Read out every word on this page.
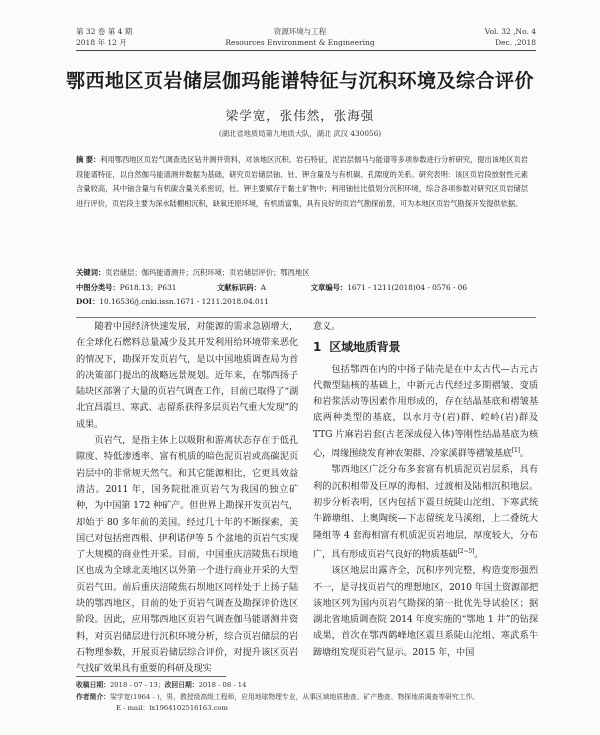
第 32 卷 第 4 期
2018 年 12 月
资源环境与工程
Resources Environment & Engineering
Vol. 32 ,No. 4
Dec. ,2018
鄂西地区页岩储层伽玛能谱特征与沉积环境及综合评价
梁学宽，张伟然，张海强
(湖北省地质局第九地质大队，湖北 武汉 430056)
摘 要：利用鄂西地区页岩气调查选区钻井测井资料，对该地区沉积、岩石特征，泥岩层伽马与能谱等多项参数进行分析研究，提出该地区页岩段能谱特征，以自然伽马能谱测井数据为基础，研究页岩储层铀、钍、钾含量及与有机碳、孔隙度的关系。研究表明：该区页岩段放射性元素含量较高，其中铀含量与有机碳含量关系密切，钍、钾主要赋存于黏土矿物中；利用铀钍比值划分沉积环境，综合各项参数对研究区页岩储层进行评价，页岩段主要为深水陆棚相沉积，缺氧还原环境，有机质富集，具有良好的页岩气勘探前景，可为本地区页岩气勘探开发提供依据。
关键词：页岩储层；伽玛能谱测井；沉积环境；页岩储层评价；鄂西地区
中图分类号：P618.13；P631	文献标识码：A	文章编号：1671 - 1211(2018)04 - 0576 - 06
DOI：10.16536/j.cnki.issn.1671 - 1211.2018.04.011

随着中国经济快速发展，对能源的需求急剧增大，在全球化石燃料总量减少及其开发利用给环境带来恶化的情况下，勘探开发页岩气，是以中国地质调查局为首的决策部门提出的战略远景规划。近年来，在鄂西扬子陆块区部署了大量的页岩气调查工作，目前已取得了“湖北宜昌震旦、寒武、志留系获得多层页岩气重大发现”的成果。

页岩气，是指主体上以吸附和游离状态存在于低孔隙度、特低渗透率、富有机质的暗色泥页岩或高碳泥页岩层中的非常规天然气。和其它能源相比，它更具效益清洁。2011 年，国务院批准页岩气为我国的独立矿种，为中国第 172 种矿产。但世界上勘探开发页岩气，却始于 80 多年前的美国。经过几十年的不断探索，美国已对包括密西根、伊利诺伊等 5 个盆地的页岩气实现了大规模的商业性开采。目前，中国重庆涪陵焦石坝地区也成为全球北美地区以外第一个进行商业开采的大型页岩气田。前后重庆涪陵焦石坝地区同样处于上扬子陆块的鄂西地区，目前的处于页岩气调查及勘探评价选区阶段。因此，应用鄂西地区页岩气调查伽马能谱测井资料，对页岩储层进行沉积环境分析，综合页岩储层的岩石物理参数，开展页岩储层综合评价，对提升该区页岩气找矿效果具有重要的科研及现实

意义。

1 区域地质背景

包括鄂西在内的中扬子陆壳是在中太古代—古元古代微型陆核的基础上，中新元古代经过多期褶皱、变质和岩浆活动等因素作用形成的，存在结晶基底和褶皱基底两种类型的基底，以水月寺(岩)群、崆岭(岩)群及 TTG 片麻岩岩套(古老深成侵入体)等刚性结晶基底为核心，周缘围绕发育神农架群、冷家溪群等褶皱基底[1]。

鄂西地区广泛分布多套富有机质泥页岩层系，具有利的沉积相带及巨厚的海相、过渡相及陆相沉积地层。初步分析表明，区内包括下震旦统陡山沱组、下寒武统牛蹄塘组、上奥陶统—下志留统龙马溪组，上二叠统大隆组等 4 套海相富有机质泥页岩地层，厚度较大，分布广，具有形成页岩气良好的物质基础[2~5]。

该区地层出露齐全，沉积序列完整，构造变形强烈不一，是寻找页岩气的理想地区，2010 年国土资源部把该地区列为国内页岩气勘探的第一批优先导试验区；据湖北省地质调查院 2014 年度实施的“鄂地 1 井”的钻探成果，首次在鄂西鹤峰地区震旦系陡山沱组、寒武系牛蹄塘组发现页岩气显示。2015 年，中国

收稿日期：2018 - 07 - 13；改回日期：2018 - 08 - 14
作者简介：梁学宽(1964 - )，男，教授级高级工程师，应用地球物理专业，从事区域地质勘查、矿产勘查、物探地质调查等研究工作。
E - mail：lx1964102516163.com
